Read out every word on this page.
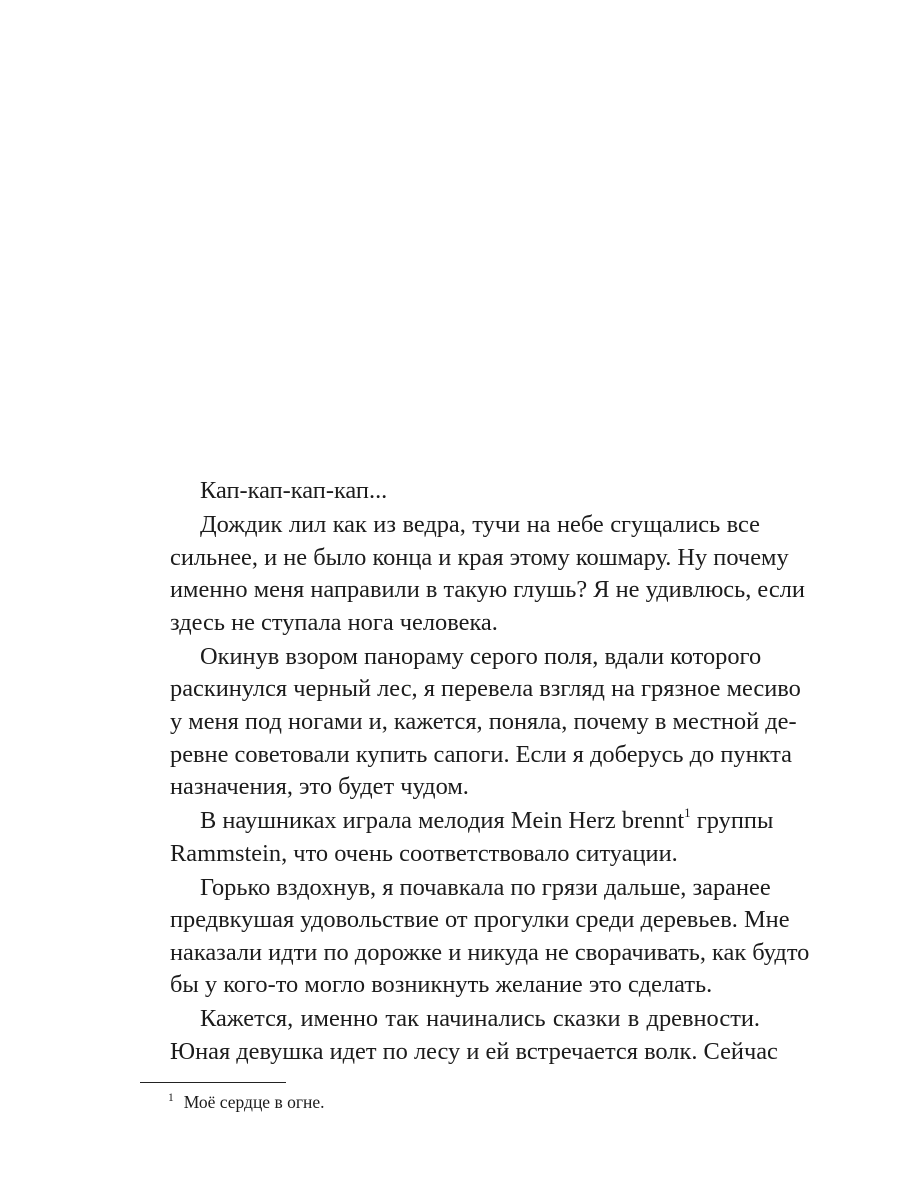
Кап-кап-кап-кап...
Дождик лил как из ведра, тучи на небе сгущались все
сильнее, и не было конца и края этому кошмару. Ну почему
именно меня направили в такую глушь? Я не удивлюсь, если
здесь не ступала нога человека.
Окинув взором панораму серого поля, вдали которого
раскинулся черный лес, я перевела взгляд на грязное месиво
у меня под ногами и, кажется, поняла, почему в местной де-
ревне советовали купить сапоги. Если я доберусь до пункта
назначения, это будет чудом.
В наушниках играла мелодия Mein Herz brennt$^1$ группы
Rammstein, что очень соответствовало ситуации.
Горько вздохнув, я почавкала по грязи дальше, заранее
предвкушая удовольствие от прогулки среди деревьев. Мне
наказали идти по дорожке и никуда не сворачивать, как будто
бы у кого-то могло возникнуть желание это сделать.
Кажется, именно так начинались сказки в древности.
Юная девушка идет по лесу и ей встречается волк. Сейчас
$^1$ Моё сердце в огне.
